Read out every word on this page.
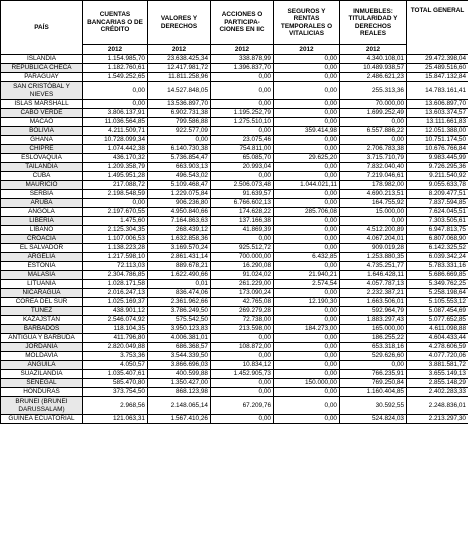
PAÍS	CUENTAS BANCARIAS O DE CRÉDITO	VALORES Y DERECHOS	ACCIONES O PARTICIPA-CIONES EN IIC	SEGUROS Y RENTAS TEMPORALES O VITALICIAS	INMUEBLES: TITULARIDAD Y DERECHOS REALES	TOTAL GENERAL
	2012	2012	2012	2012	2012	
ISLANDIA	1.154.985,70	23.638.425,34	338.878,99	0,00	4.340.108,01	29.472.398,04
REPÚBLICA CHECA	1.182.760,61	12.417.981,72	1.396.837,70	0,00	10.489.938,57	25.489.516,60
PARAGUAY	1.549.252,65	11.811.258,96	0,00	0,00	2.486.621,23	15.847.132,84
SAN CRISTÓBAL Y NIEVES	0,00	14.527.848,05	0,00	0,00	255.313,36	14.783.161,41
ISLAS MARSHALL	0,00	13.536.897,70	0,00	0,00	70.000,00	13.606.897,70
CABO VERDE	3.806.137,91	6.902.731,38	1.195.252,79	0,00	1.699.252,49	13.603.374,57
MACAO	11.036.564,85	799.586,88	1.275.510,10	0,00	0,00	13.111.661,83
BOLIVIA	4.211.509,71	922.577,09	0,00	359.414,98	6.557.886,22	12.051.388,00
GHANA	10.728.099,34	0,00	23.075,46	0,00	0,00	10.751.174,50
CHIPRE	1.074.442,38	6.140.730,38	754.811,00	0,00	2.706.783,38	10.676.766,84
ESLOVAQUIA	436.170,32	5.736.854,47	65.085,70	29.625,20	3.715.710,79	9.983.445,99
TAILANDIA	1.209.358,79	663.903,13	20.993,04	0,00	7.832.040,40	9.726.295,36
CUBA	1.495.951,28	496.543,02	0,00	0,00	7.219.046,61	9.211.540,92
MAURICIO	217.088,72	5.109.468,47	2.506.073,48	1.044.021,11	178.982,00	9.055.633,78
SERBIA	2.198.548,59	1.229.075,84	91.639,57	0,00	4.690.213,51	8.209.477,51
ARUBA	0,00	906.236,80	6.766.602,13	0,00	164.755,92	7.837.594,85
ANGOLA	2.197.670,55	4.950.840,66	174.628,22	285.706,08	15.000,00	7.624.045,51
LIBERIA	1.475,60	7.164.863,63	137.166,38	0,00	0,00	7.303.505,61
LÍBANO	2.125.304,35	268.439,12	41.869,39	0,00	4.512.200,89	6.947.813,75
CROACIA	1.107.006,53	1.632.858,36	0,00	0,00	4.067.204,01	6.807.068,90
EL SALVADOR	1.138.223,28	3.169.570,24	925.512,72	0,00	909.019,28	6.142.325,52
ARGELIA	1.217.598,10	2.861.431,14	700.000,00	6.432,85	1.253.880,35	6.039.342,24
ESTONIA	72.113,03	889.678,21	16.290,08	0,00	4.735.251,77	5.783.331,16
MALASIA	2.304.786,85	1.622.490,66	91.024,02	21.940,21	1.646.428,11	5.686.669,85
LITUANIA	1.028.171,58	0,01	261.229,00	2.574,54	4.057.787,13	5.349.762,25
NICARAGUA	2.016.247,13	836.474,06	173.090,24	0,00	2.232.387,21	5.258.198,64
COREA DEL SUR	1.025.169,37	2.361.962,66	42.765,08	12.190,30	1.663.506,01	5.105.553,12
TÚNEZ	438.901,12	3.786.249,50	269.279,28	0,00	592.964,79	5.087.454,69
KAZAJSTÁN	2.546.074,92	575.542,50	72.738,00	0,00	1.883.297,43	5.077.652,85
BARBADOS	118.104,35	3.950.123,83	213.598,00	184.273,00	165.000,00	4.611.098,88
ANTIGUA Y BARBUDA	411.796,80	4.006.381,01	0,00	0,00	186.255,22	4.604.433,44
JORDANIA	2.820.049,88	686.368,57	108.872,00	0,00	653.318,16	4.278.606,59
MOLDAVIA	3.753,36	3.544.339,50	0,00	0,00	529.626,60	4.077.720,06
ANGUILA	4.050,57	3.866.696,03	10.834,12	0,00	0,00	3.881.581,72
SUAZILANDIA	1.035.407,61	400.599,88	1.452.905,73	0,00	766.235,91	3.655.149,13
SENEGAL	585.470,80	1.350.427,00	0,00	150.000,00	769.250,84	2.855.148,29
HONDURAS	373.754,50	868.123,98	0,00	0,00	1.160.404,85	2.402.283,33
BRUNEI (BRUNEI DARUSSALAM)	2.968,56	2.148.065,14	67.209,76	0,00	30.592,55	2.248.836,01
GUINEA ECUATORIAL	121.063,31	1.567.410,26	0,00	0,00	524.824,03	2.213.297,30
